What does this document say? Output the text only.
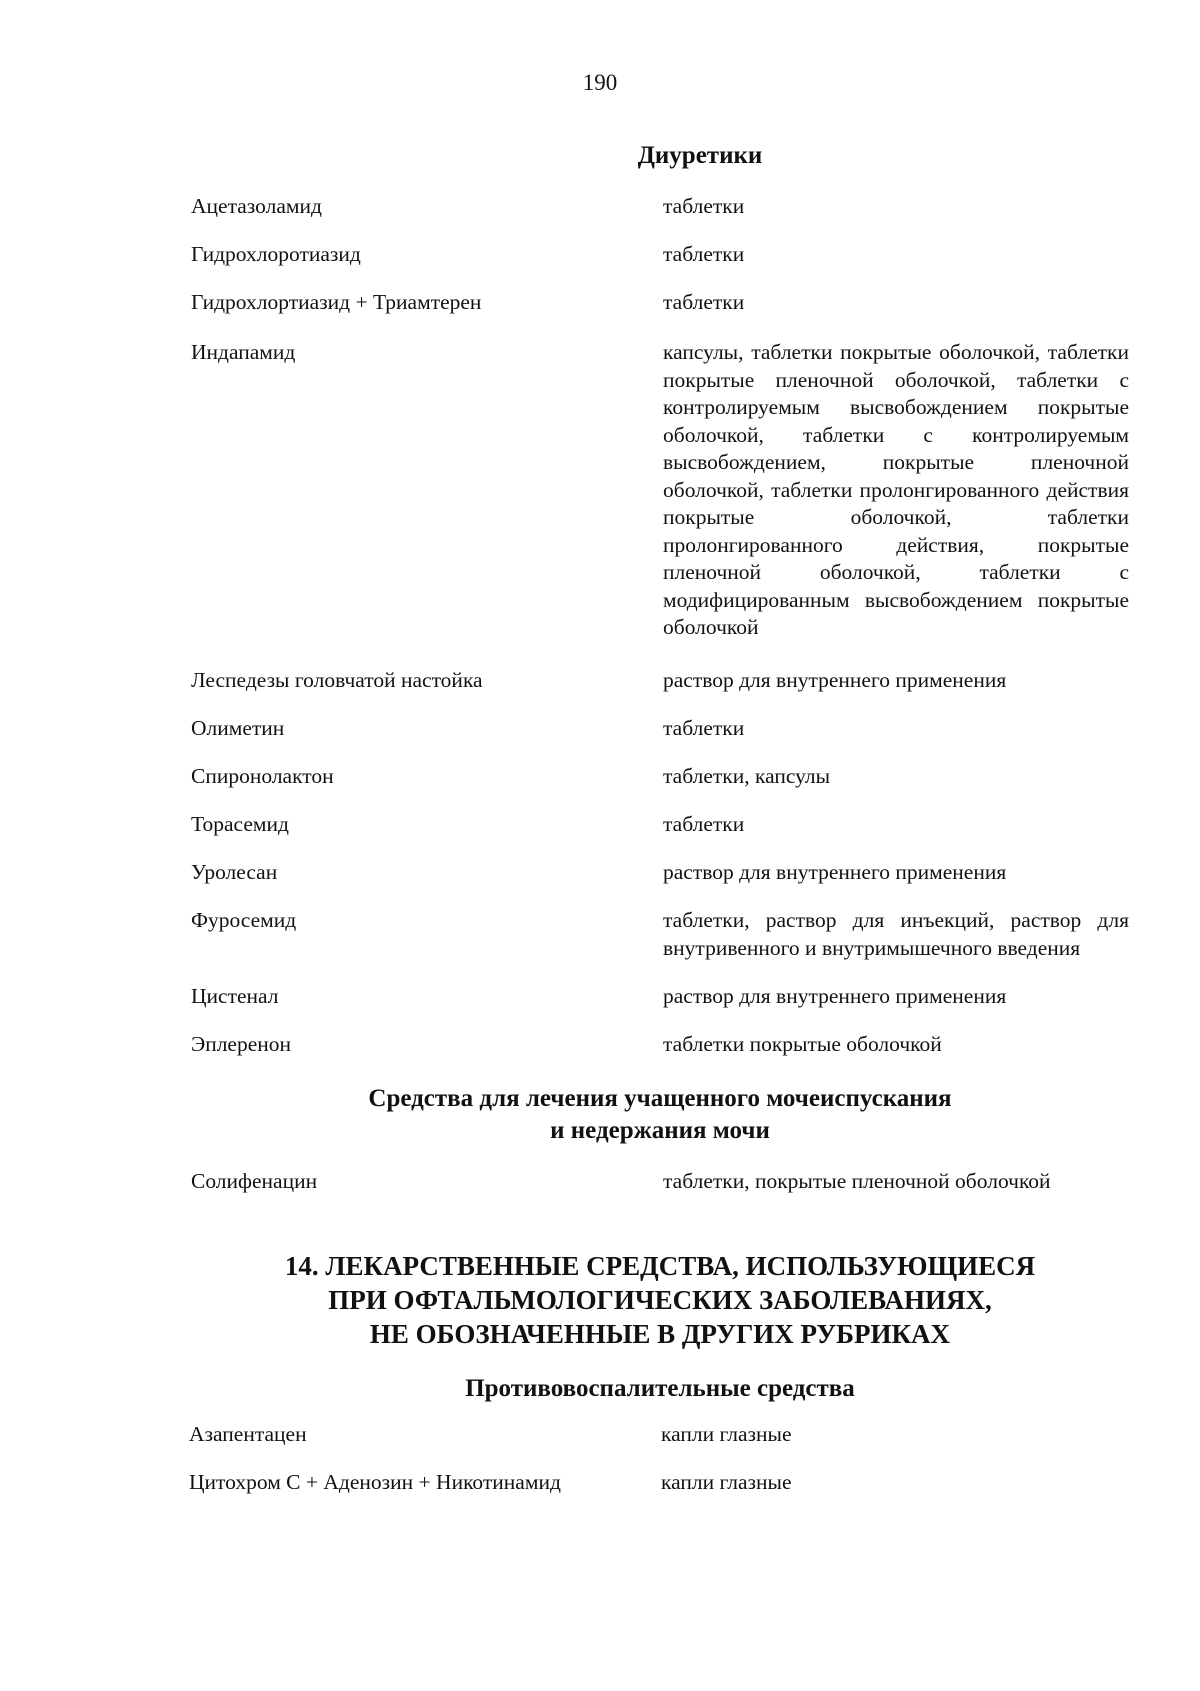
190
Диуретики
Ацетазоламид	таблетки
Гидрохлоротиазид	таблетки
Гидрохлортиазид + Триамтерен	таблетки
Индапамид	капсулы, таблетки покрытые оболочкой, таблетки покрытые пленочной оболочкой, таблетки с контролируемым высвобождением покрытые оболочкой, таблетки с контролируемым высвобождением, покрытые пленочной оболочкой, таблетки пролонгированного действия покрытые оболочкой, таблетки пролонгированного действия, покрытые пленочной оболочкой, таблетки с модифицированным высвобождением покрытые оболочкой
Леспедезы головчатой настойка	раствор для внутреннего применения
Олиметин	таблетки
Спиронолактон	таблетки, капсулы
Торасемид	таблетки
Уролесан	раствор для внутреннего применения
Фуросемид	таблетки, раствор для инъекций, раствор для внутривенного и внутримышечного введения
Цистенал	раствор для внутреннего применения
Эплеренон	таблетки покрытые оболочкой
Средства для лечения учащенного мочеиспускания
и недержания мочи
Солифенацин	таблетки, покрытые пленочной оболочкой
14. ЛЕКАРСТВЕННЫЕ СРЕДСТВА, ИСПОЛЬЗУЮЩИЕСЯ
ПРИ ОФТАЛЬМОЛОГИЧЕСКИХ ЗАБОЛЕВАНИЯХ,
НЕ ОБОЗНАЧЕННЫЕ В ДРУГИХ РУБРИКАХ
Противовоспалительные средства
Азапентацен	капли глазные
Цитохром С + Аденозин + Никотинамид	капли глазные
